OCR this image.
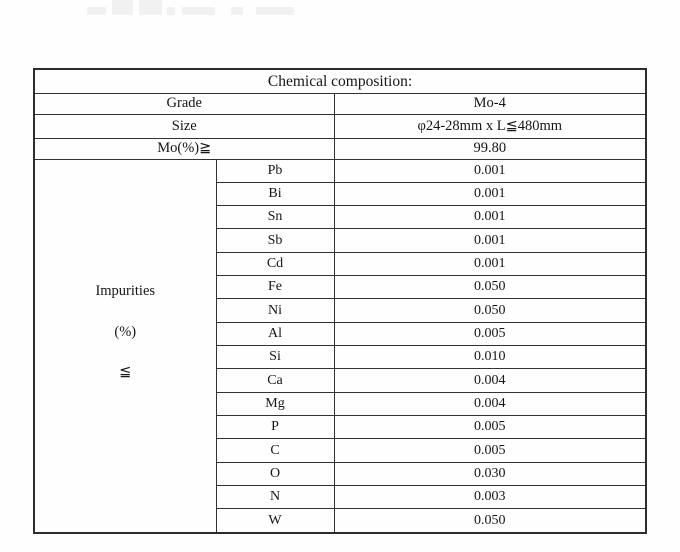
Chemical composition:		
Grade		Mo-4
Size		φ24-28mm x L≦480mm
Mo(%)≧		99.80

Impurities
(%)
≦	Pb	0.001
	Bi	0.001
	Sn	0.001
	Sb	0.001
	Cd	0.001
	Fe	0.050
	Ni	0.050
	Al	0.005
	Si	0.010
	Ca	0.004
	Mg	0.004
	P	0.005
	C	0.005
	O	0.030
	N	0.003
	W	0.050
